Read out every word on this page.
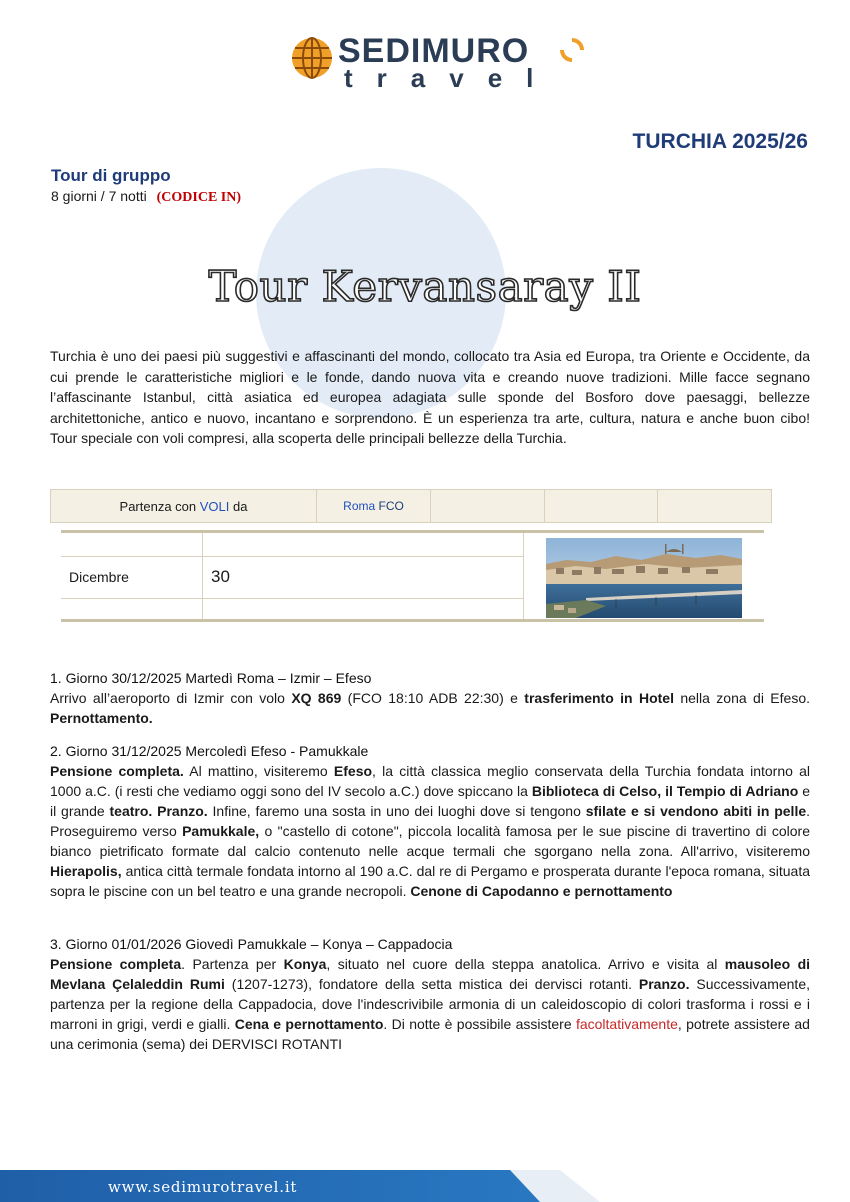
SEDIMURO
travel
TURCHIA 2025/26
Tour di gruppo
8 giorni / 7 notti (CODICE IN)
Tour Kervansaray II

Turchia è uno dei paesi più suggestivi e affascinanti del mondo, collocato tra Asia ed Europa, tra Oriente e Occidente, da cui prende le caratteristiche migliori e le fonde, dando nuova vita e creando nuove tradizioni. Mille facce segnano l’affascinante Istanbul, città asiatica ed europea adagiata sulle sponde del Bosforo dove paesaggi, bellezze architettoniche, antico e nuovo, incantano e sorprendono. È un esperienza tra arte, cultura, natura e anche buon cibo! Tour speciale con voli compresi, alla scoperta delle principali bellezze della Turchia.

Partenza con VOLI da	Roma FCO
Dicembre	30
1. Giorno 30/12/2025 Martedì Roma – Izmir – Efeso

Arrivo all’aeroporto di Izmir con volo XQ 869 (FCO 18:10 ADB 22:30) e trasferimento in Hotel nella zona di Efeso. Pernottamento.

2. Giorno 31/12/2025 Mercoledì Efeso - Pamukkale

Pensione completa. Al mattino, visiteremo Efeso, la città classica meglio conservata della Turchia fondata intorno al 1000 a.C. (i resti che vediamo oggi sono del IV secolo a.C.) dove spiccano la Biblioteca di Celso, il Tempio di Adriano e il grande teatro. Pranzo. Infine, faremo una sosta in uno dei luoghi dove si tengono sfilate e si vendono abiti in pelle. Proseguiremo verso Pamukkale, o "castello di cotone", piccola località famosa per le sue piscine di travertino di colore bianco pietrificato formate dal calcio contenuto nelle acque termali che sgorgano nella zona. All'arrivo, visiteremo Hierapolis, antica città termale fondata intorno al 190 a.C. dal re di Pergamo e prosperata durante l'epoca romana, situata sopra le piscine con un bel teatro e una grande necropoli. Cenone di Capodanno e pernottamento

3. Giorno 01/01/2026 Giovedì Pamukkale – Konya – Cappadocia

Pensione completa. Partenza per Konya, situato nel cuore della steppa anatolica. Arrivo e visita al mausoleo di Mevlana Çelaleddin Rumi (1207-1273), fondatore della setta mistica dei dervisci rotanti. Pranzo. Successivamente, partenza per la regione della Cappadocia, dove l'indescrivibile armonia di un caleidoscopio di colori trasforma i rossi e i marroni in grigi, verdi e gialli. Cena e pernottamento. Di notte è possibile assistere facoltativamente, potrete assistere ad una cerimonia (sema) dei DERVISCI ROTANTI

www.sedimurotravel.it
